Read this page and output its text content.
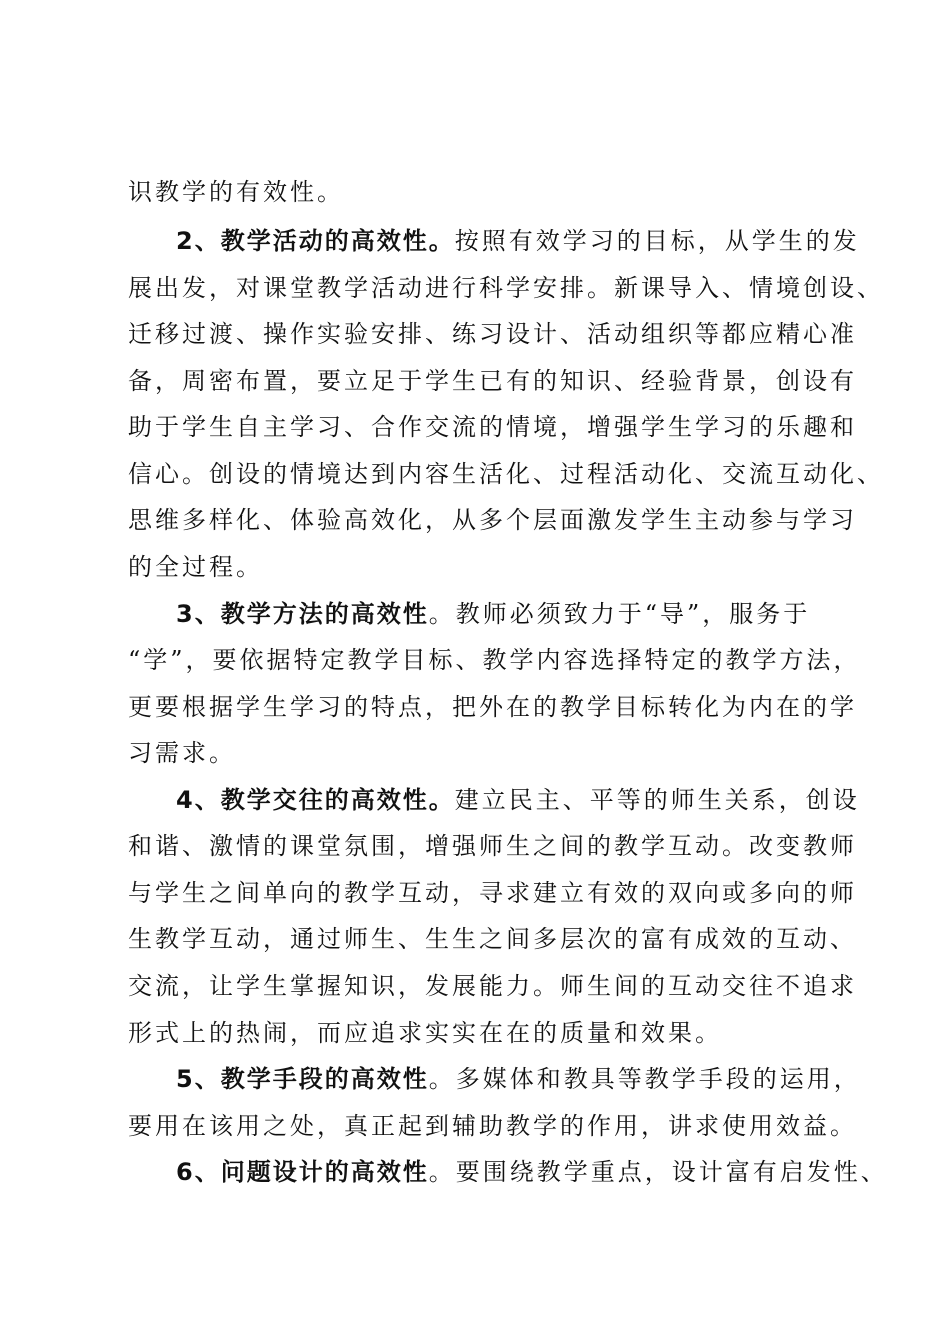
识教学的有效性。
2、教学活动的高效性。按照有效学习的目标，从学生的发
展出发，对课堂教学活动进行科学安排。新课导入、情境创设、
迁移过渡、操作实验安排、练习设计、活动组织等都应精心准
备，周密布置，要立足于学生已有的知识、经验背景，创设有
助于学生自主学习、合作交流的情境，增强学生学习的乐趣和
信心。创设的情境达到内容生活化、过程活动化、交流互动化、
思维多样化、体验高效化，从多个层面激发学生主动参与学习
的全过程。
3、教学方法的高效性。教师必须致力于“导”，服务于
“学”，要依据特定教学目标、教学内容选择特定的教学方法，
更要根据学生学习的特点，把外在的教学目标转化为内在的学
习需求。
4、教学交往的高效性。建立民主、平等的师生关系，创设
和谐、激情的课堂氛围，增强师生之间的教学互动。改变教师
与学生之间单向的教学互动，寻求建立有效的双向或多向的师
生教学互动，通过师生、生生之间多层次的富有成效的互动、
交流，让学生掌握知识，发展能力。师生间的互动交往不追求
形式上的热闹，而应追求实实在在的质量和效果。
5、教学手段的高效性。多媒体和教具等教学手段的运用，
要用在该用之处，真正起到辅助教学的作用，讲求使用效益。
6、问题设计的高效性。要围绕教学重点，设计富有启发性、
